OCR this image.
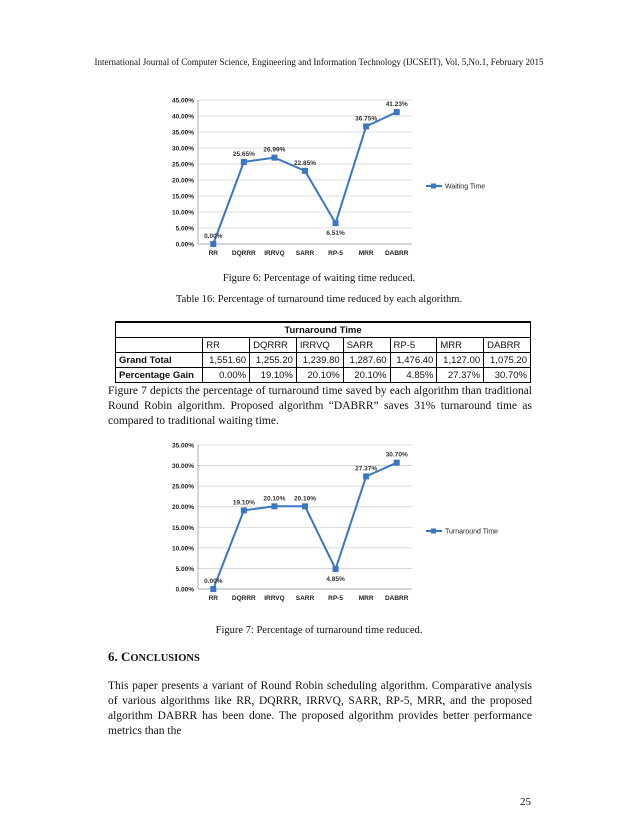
International Journal of Computer Science, Engineering and Information Technology (IJCSEIT), Vol. 5,No.1, February 2015
0.00%
5.00%
10.00%
15.00%
20.00%
25.00%
30.00%
35.00%
40.00%
45.00%
RR DQRRR IRRVQ SARR RP-5 MRR DABRR
0.00%
25.65%
26.99%
22.85%
6.51%
36.75%
41.23%
Waiting Time
Figure 6: Percentage of waiting time reduced.
Table 16: Percentage of turnaround time reduced by each algorithm.
Turnaround Time							
	RR	DQRRR	IRRVQ	SARR	RP-5	MRR	DABRR
Grand Total	1,551.60	1,255.20	1,239.80	1,287.60	1,476.40	1,127.00	1,075.20
Percentage Gain	0.00%	19.10%	20.10%	20.10%	4.85%	27.37%	30.70%
Figure 7 depicts the percentage of turnaround time saved by each algorithm than traditional Round Robin algorithm. Proposed algorithm “DABRR” saves 31% turnaround time as compared to traditional waiting time.
0.00%
5.00%
10.00%
15.00%
20.00%
25.00%
30.00%
35.00%
RR DQRRR IRRVQ SARR RP-5 MRR DABRR
0.00%
19.10%
20.10% 20.10%
4.85%
27.37%
30.70%
Turnaround Time
Figure 7: Percentage of turnaround time reduced.
6. CONCLUSIONS
This paper presents a variant of Round Robin scheduling algorithm. Comparative analysis of various algorithms like RR, DQRRR, IRRVQ, SARR, RP-5, MRR, and the proposed algorithm DABRR has been done. The proposed algorithm provides better performance metrics than the
25
